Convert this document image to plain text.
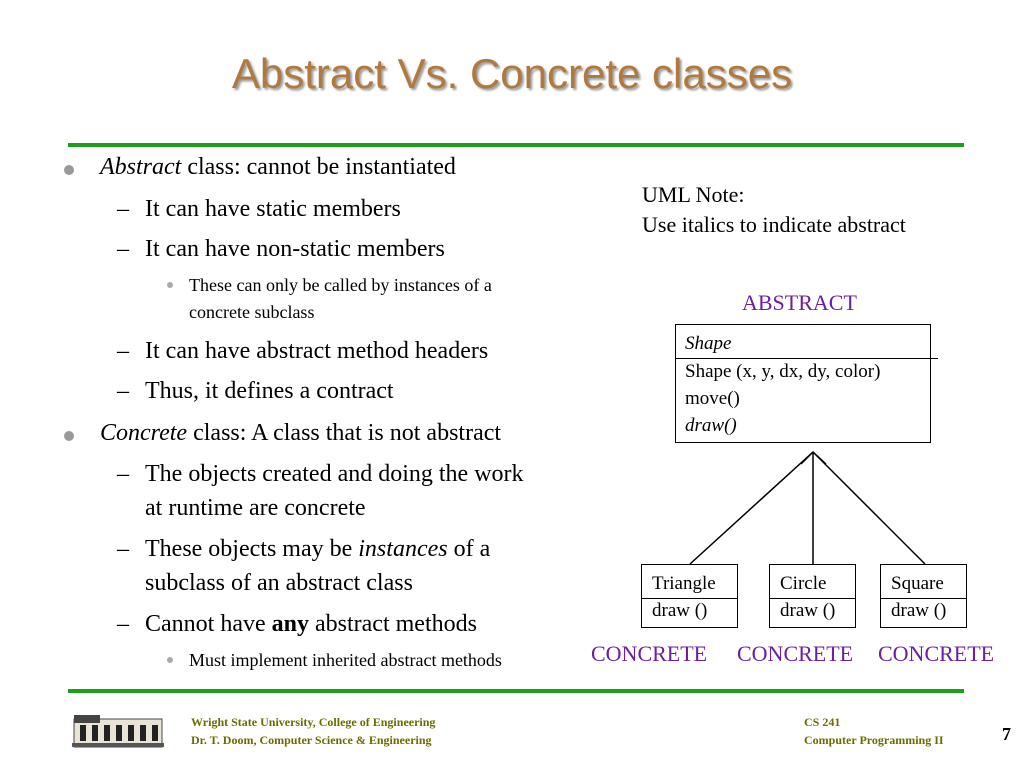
Abstract Vs. Concrete classes
Abstract class: cannot be instantiated
– It can have static members
– It can have non-static members
These can only be called by instances of a
concrete subclass
– It can have abstract method headers
– Thus, it defines a contract
Concrete class: A class that is not abstract
– The objects created and doing the work
at runtime are concrete
– These objects may be instances of a
subclass of an abstract class
– Cannot have any abstract methods
Must implement inherited abstract methods
UML Note:
Use italics to indicate abstract
ABSTRACT
Shape
Shape (x, y, dx, dy, color)
move()
draw()
Triangle
draw ()
Circle
draw ()
Square
draw ()
CONCRETE CONCRETE CONCRETE
Wright State University, College of Engineering
Dr. T. Doom, Computer Science & Engineering
CS 241
Computer Programming II	7
